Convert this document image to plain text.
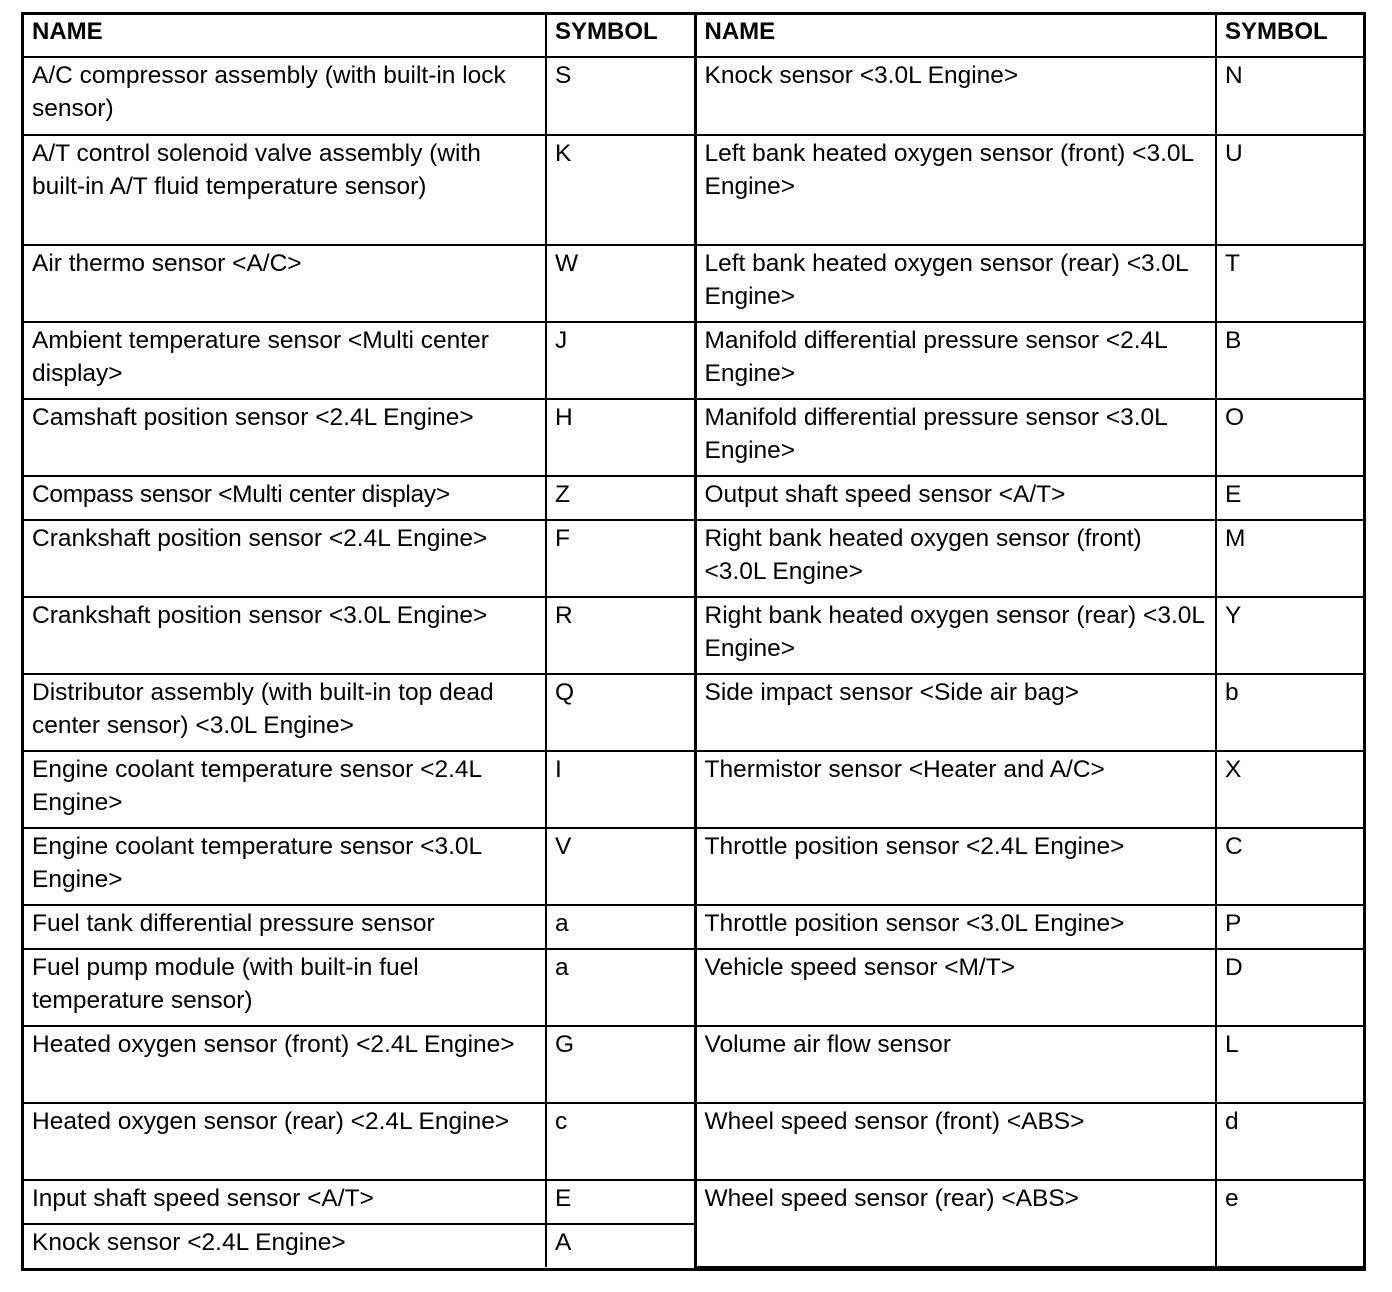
NAME	SYMBOL	NAME	SYMBOL
A/C compressor assembly (with built-in lock sensor)	S	Knock sensor <3.0L Engine>	N
A/T control solenoid valve assembly (with built-in A/T fluid temperature sensor)	K	Left bank heated oxygen sensor (front) <3.0L Engine>	U
Air thermo sensor <A/C>	W	Left bank heated oxygen sensor (rear) <3.0L Engine>	T
Ambient temperature sensor <Multi center display>	J	Manifold differential pressure sensor <2.4L Engine>	B
Camshaft position sensor <2.4L Engine>	H	Manifold differential pressure sensor <3.0L Engine>	O
Compass sensor <Multi center display>	Z	Output shaft speed sensor <A/T>	E
Crankshaft position sensor <2.4L Engine>	F	Right bank heated oxygen sensor (front) <3.0L Engine>	M
Crankshaft position sensor <3.0L Engine>	R	Right bank heated oxygen sensor (rear) <3.0L Engine>	Y
Distributor assembly (with built-in top dead center sensor) <3.0L Engine>	Q	Side impact sensor <Side air bag>	b
Engine coolant temperature sensor <2.4L Engine>	I	Thermistor sensor <Heater and A/C>	X
Engine coolant temperature sensor <3.0L Engine>	V	Throttle position sensor <2.4L Engine>	C
Fuel tank differential pressure sensor	a	Throttle position sensor <3.0L Engine>	P
Fuel pump module (with built-in fuel temperature sensor)	a	Vehicle speed sensor <M/T>	D
Heated oxygen sensor (front) <2.4L Engine>	G	Volume air flow sensor	L
Heated oxygen sensor (rear) <2.4L Engine>	c	Wheel speed sensor (front) <ABS>	d
Input shaft speed sensor <A/T>	E	Wheel speed sensor (rear) <ABS>	e
Knock sensor <2.4L Engine>	A		
